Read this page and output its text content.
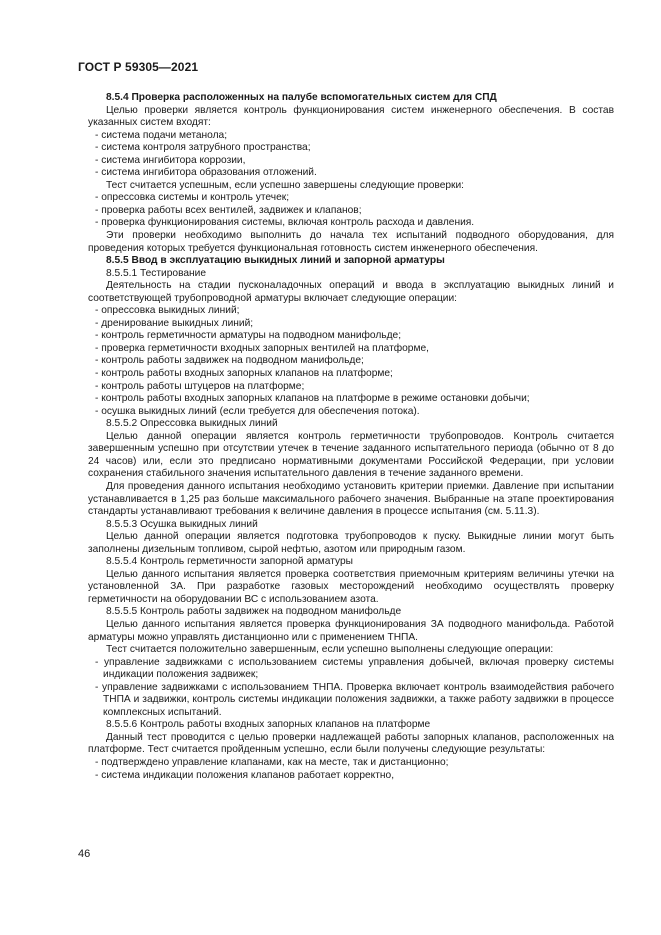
ГОСТ Р 59305—2021

8.5.4 Проверка расположенных на палубе вспомогательных систем для СПД

Целью проверки является контроль функционирования систем инженерного обеспечения. В состав указанных систем входят:

- система подачи метанола;

- система контроля затрубного пространства;

- система ингибитора коррозии,

- система ингибитора образования отложений.

Тест считается успешным, если успешно завершены следующие проверки:

- опрессовка системы и контроль утечек;

- проверка работы всех вентилей, задвижек и клапанов;

- проверка функционирования системы, включая контроль расхода и давления.

Эти проверки необходимо выполнить до начала тех испытаний подводного оборудования, для проведения которых требуется функциональная готовность систем инженерного обеспечения.

8.5.5 Ввод в эксплуатацию выкидных линий и запорной арматуры

8.5.5.1 Тестирование

Деятельность на стадии пусконаладочных операций и ввода в эксплуатацию выкидных линий и соответствующей трубопроводной арматуры включает следующие операции:

- опрессовка выкидных линий;

- дренирование выкидных линий;

- контроль герметичности арматуры на подводном манифольде;

- проверка герметичности входных запорных вентилей на платформе,

- контроль работы задвижек на подводном манифольде;

- контроль работы входных запорных клапанов на платформе;

- контроль работы штуцеров на платформе;

- контроль работы входных запорных клапанов на платформе в режиме остановки добычи;

- осушка выкидных линий (если требуется для обеспечения потока).

8.5.5.2 Опрессовка выкидных линий

Целью данной операции является контроль герметичности трубопроводов. Контроль считается завершенным успешно при отсутствии утечек в течение заданного испытательного периода (обычно от 8 до 24 часов) или, если это предписано нормативными документами Российской Федерации, при условии сохранения стабильного значения испытательного давления в течение заданного времени.

Для проведения данного испытания необходимо установить критерии приемки. Давление при испытании устанавливается в 1,25 раз больше максимального рабочего значения. Выбранные на этапе проектирования стандарты устанавливают требования к величине давления в процессе испытания (см. 5.11.3).

8.5.5.3 Осушка выкидных линий

Целью данной операции является подготовка трубопроводов к пуску. Выкидные линии могут быть заполнены дизельным топливом, сырой нефтью, азотом или природным газом.

8.5.5.4 Контроль герметичности запорной арматуры

Целью данного испытания является проверка соответствия приемочным критериям величины утечки на установленной ЗА. При разработке газовых месторождений необходимо осуществлять проверку герметичности на оборудовании ВС с использованием азота.

8.5.5.5 Контроль работы задвижек на подводном манифольде

Целью данного испытания является проверка функционирования ЗА подводного манифольда. Работой арматуры можно управлять дистанционно или с применением ТНПА.

Тест считается положительно завершенным, если успешно выполнены следующие операции:

- управление задвижками с использованием системы управления добычей, включая проверку системы индикации положения задвижек;

- управление задвижками с использованием ТНПА. Проверка включает контроль взаимодействия рабочего ТНПА и задвижки, контроль системы индикации положения задвижки, а также работу задвижки в процессе комплексных испытаний.

8.5.5.6 Контроль работы входных запорных клапанов на платформе

Данный тест проводится с целью проверки надлежащей работы запорных клапанов, расположенных на платформе. Тест считается пройденным успешно, если были получены следующие результаты:

- подтверждено управление клапанами, как на месте, так и дистанционно;

- система индикации положения клапанов работает корректно,

46
